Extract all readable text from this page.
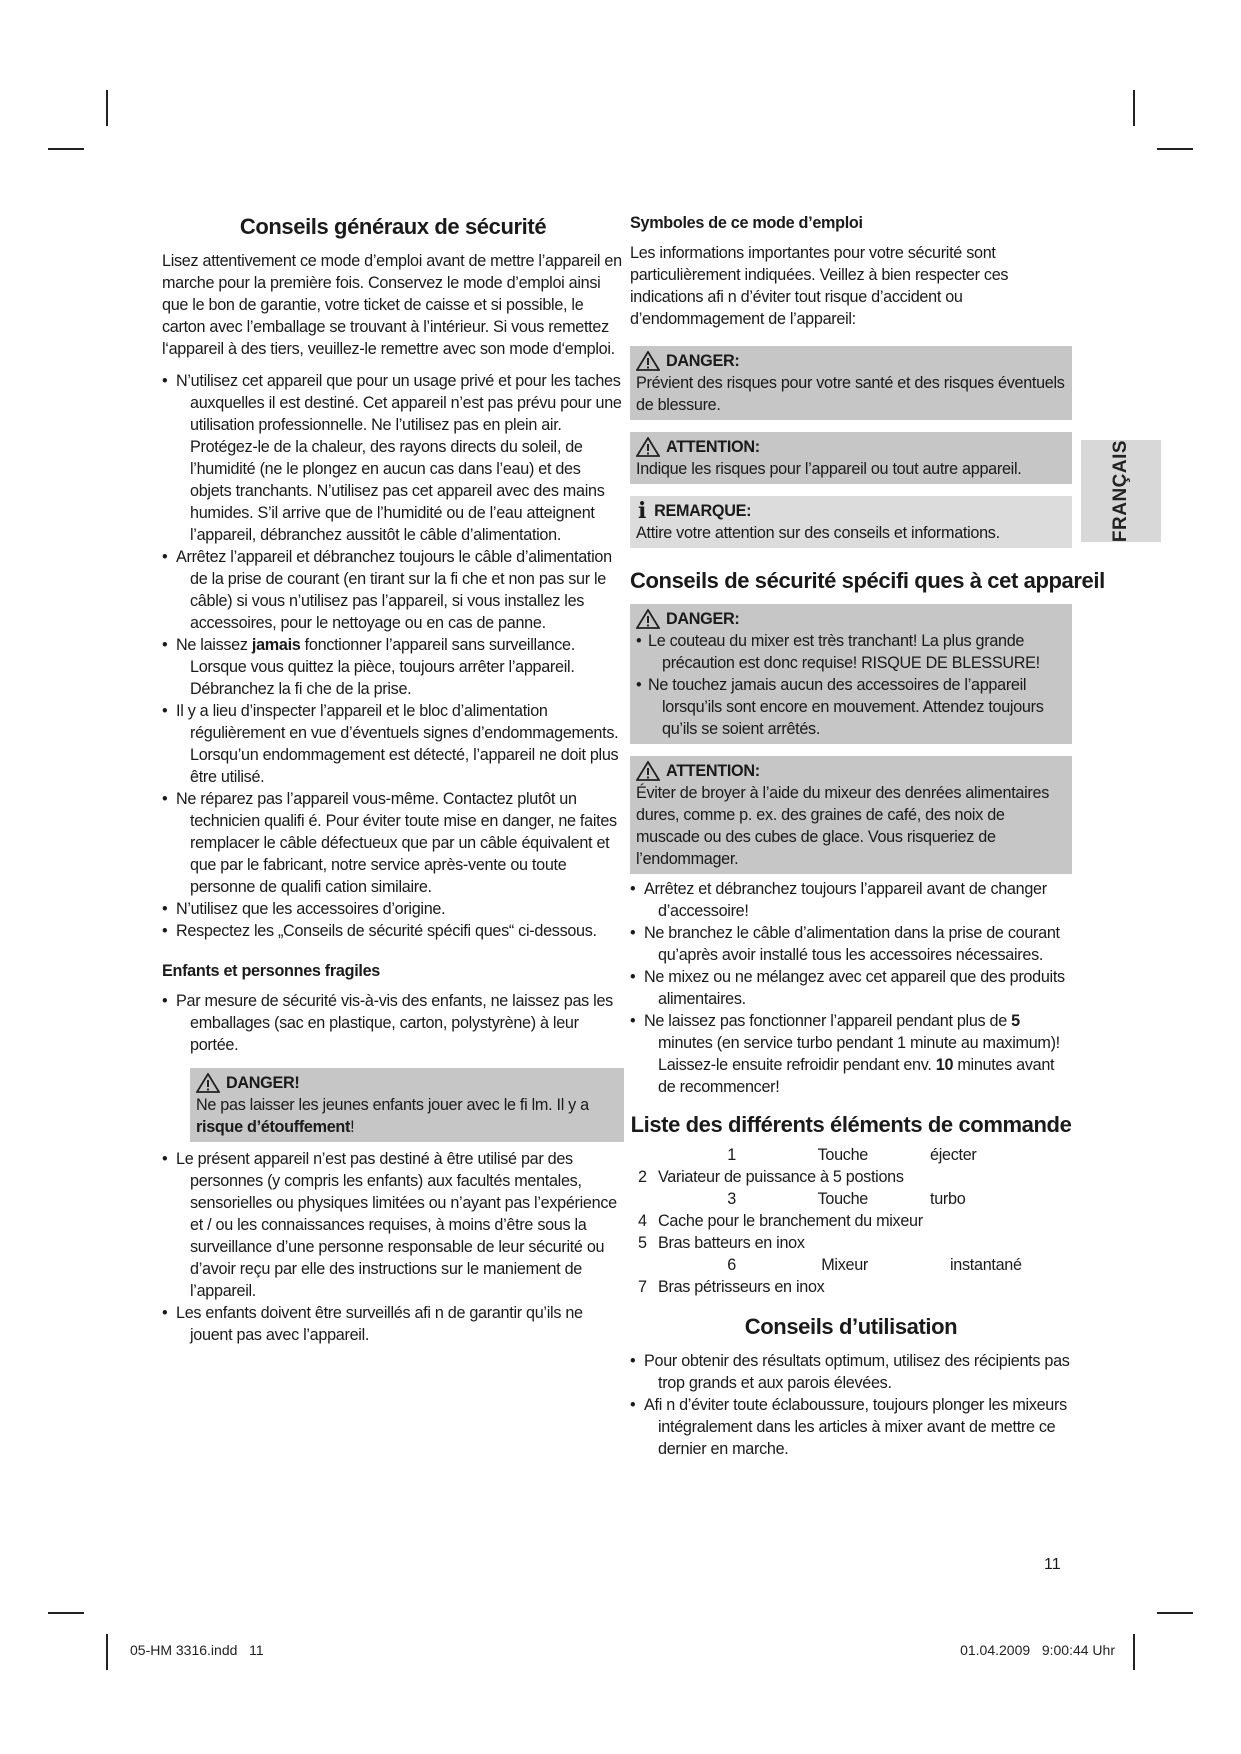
Conseils généraux de sécurité

Lisez attentivement ce mode d’emploi avant de mettre l’appareil en marche pour la première fois. Conservez le mode d’emploi ainsi que le bon de garantie, votre ticket de caisse et si possible, le carton avec l’emballage se trouvant à l’intérieur. Si vous remettez l‘appareil à des tiers, veuillez-le remettre avec son mode d‘emploi.

• N’utilisez cet appareil que pour un usage privé et pour les taches auxquelles il est destiné. Cet appareil n’est pas prévu pour une utilisation professionnelle. Ne l’utilisez pas en plein air. Protégez-le de la chaleur, des rayons directs du soleil, de l’humidité (ne le plongez en aucun cas dans l’eau) et des objets tranchants. N’utilisez pas cet appareil avec des mains humides. S’il arrive que de l’humidité ou de l’eau atteignent l’appareil, débranchez aussitôt le câble d’alimentation.
• Arrêtez l’appareil et débranchez toujours le câble d’alimentation de la prise de courant (en tirant sur la fi che et non pas sur le câble) si vous n’utilisez pas l’appareil, si vous installez les accessoires, pour le nettoyage ou en cas de panne.
• Ne laissez jamais fonctionner l’appareil sans surveillance. Lorsque vous quittez la pièce, toujours arrêter l’appareil. Débranchez la fi che de la prise.
• Il y a lieu d’inspecter l’appareil et le bloc d’alimentation régulièrement en vue d’éventuels signes d’endommagements. Lorsqu’un endommagement est détecté, l’appareil ne doit plus être utilisé.
• Ne réparez pas l’appareil vous-même. Contactez plutôt un technicien qualifi é. Pour éviter toute mise en danger, ne faites remplacer le câble défectueux que par un câble équivalent et que par le fabricant, notre service après-vente ou toute personne de qualifi cation similaire.
• N’utilisez que les accessoires d’origine.
• Respectez les „Conseils de sécurité spécifi ques“ ci-dessous.
Enfants et personnes fragiles
• Par mesure de sécurité vis-à-vis des enfants, ne laissez pas les emballages (sac en plastique, carton, polystyrène) à leur portée.
DANGER!

Ne pas laisser les jeunes enfants jouer avec le fi lm. Il y a risque d’étouffement!

• Le présent appareil n’est pas destiné à être utilisé par des personnes (y compris les enfants) aux facultés mentales, sensorielles ou physiques limitées ou n’ayant pas l’expérience et / ou les connaissances requises, à moins d’être sous la surveillance d’une personne responsable de leur sécurité ou d’avoir reçu par elle des instructions sur le maniement de l’appareil.
• Les enfants doivent être surveillés afi n de garantir qu’ils ne jouent pas avec l’appareil.
Symboles de ce mode d’emploi

Les informations importantes pour votre sécurité sont particulièrement indiquées. Veillez à bien respecter ces indications afi n d’éviter tout risque d’accident ou d’endommagement de l’appareil:

DANGER:

Prévient des risques pour votre santé et des risques éventuels de blessure.

ATTENTION:

Indique les risques pour l’appareil ou tout autre appareil.

i REMARQUE:

Attire votre attention sur des conseils et informations.

Conseils de sécurité spécifi ques à cet appareil
DANGER:
• Le couteau du mixer est très tranchant! La plus grande précaution est donc requise! RISQUE DE BLESSURE!
• Ne touchez jamais aucun des accessoires de l’appareil lorsqu’ils sont encore en mouvement. Attendez toujours qu’ils se soient arrêtés.
ATTENTION:

Éviter de broyer à l’aide du mixeur des denrées alimentaires dures, comme p. ex. des graines de café, des noix de muscade ou des cubes de glace. Vous risqueriez de l’endommager.

• Arrêtez et débranchez toujours l’appareil avant de changer d’accessoire!
• Ne branchez le câble d’alimentation dans la prise de courant qu’après avoir installé tous les accessoires nécessaires.
• Ne mixez ou ne mélangez avec cet appareil que des produits alimentaires.
• Ne laissez pas fonctionner l’appareil pendant plus de 5 minutes (en service turbo pendant 1 minute au maximum)! Laissez-le ensuite refroidir pendant env. 10 minutes avant de recommencer!
Liste des différents éléments de commande
1	Touche	éjecter
2 Variateur de puissance à 5 postions
3	Touche	turbo
4 Cache pour le branchement du mixeur
5 Bras batteurs en inox
6	Mixeur	instantané
7 Bras pétrisseurs en inox
Conseils d’utilisation
• Pour obtenir des résultats optimum, utilisez des récipients pas trop grands et aux parois élevées.
• Afi n d’éviter toute éclaboussure, toujours plonger les mixeurs intégralement dans les articles à mixer avant de mettre ce dernier en marche.
FRANÇAIS
11
05-HM 3316.indd   11	01.04.2009   9:00:44 Uhr
